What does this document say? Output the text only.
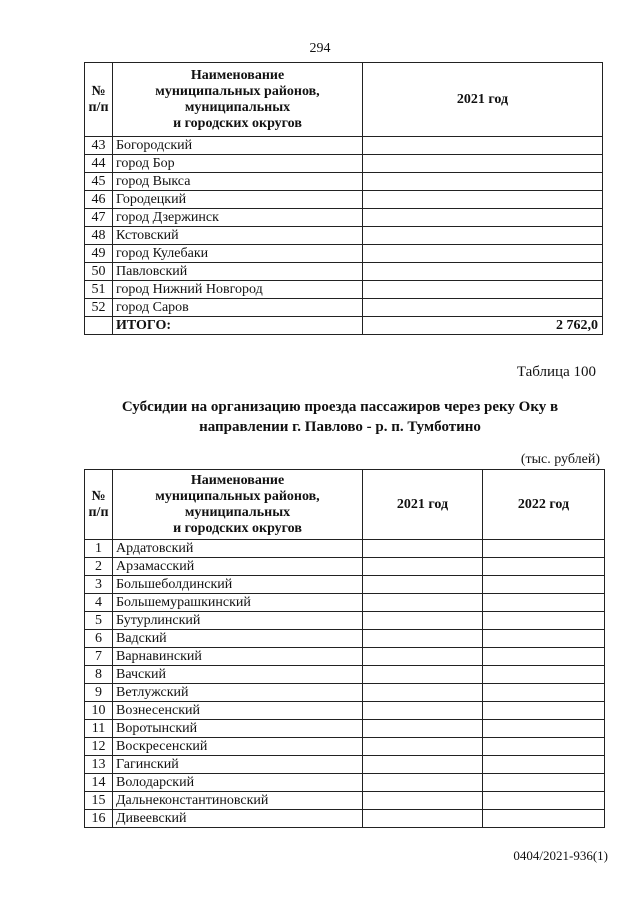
294
№
п/п	Наименование
муниципальных районов,
муниципальных
и городских округов	2021 год
43	Богородский	
44	город Бор	
45	город Выкса	
46	Городецкий	
47	город Дзержинск	
48	Кстовский	
49	город Кулебаки	
50	Павловский	
51	город Нижний Новгород	
52	город Саров	
	ИТОГО:	2 762,0
Таблица 100
Субсидии на организацию проезда пассажиров через реку Оку в направлении г. Павлово - р. п. Тумботино
(тыс. рублей)
№
п/п	Наименование
муниципальных районов,
муниципальных
и городских округов	2021 год	2022 год
1	Ардатовский		
2	Арзамасский		
3	Большеболдинский		
4	Большемурашкинский		
5	Бутурлинский		
6	Вадский		
7	Варнавинский		
8	Вачский		
9	Ветлужский		
10	Вознесенский		
11	Воротынский		
12	Воскресенский		
13	Гагинский		
14	Володарский		
15	Дальнеконстантиновский		
16	Дивеевский		
0404/2021-936(1)
